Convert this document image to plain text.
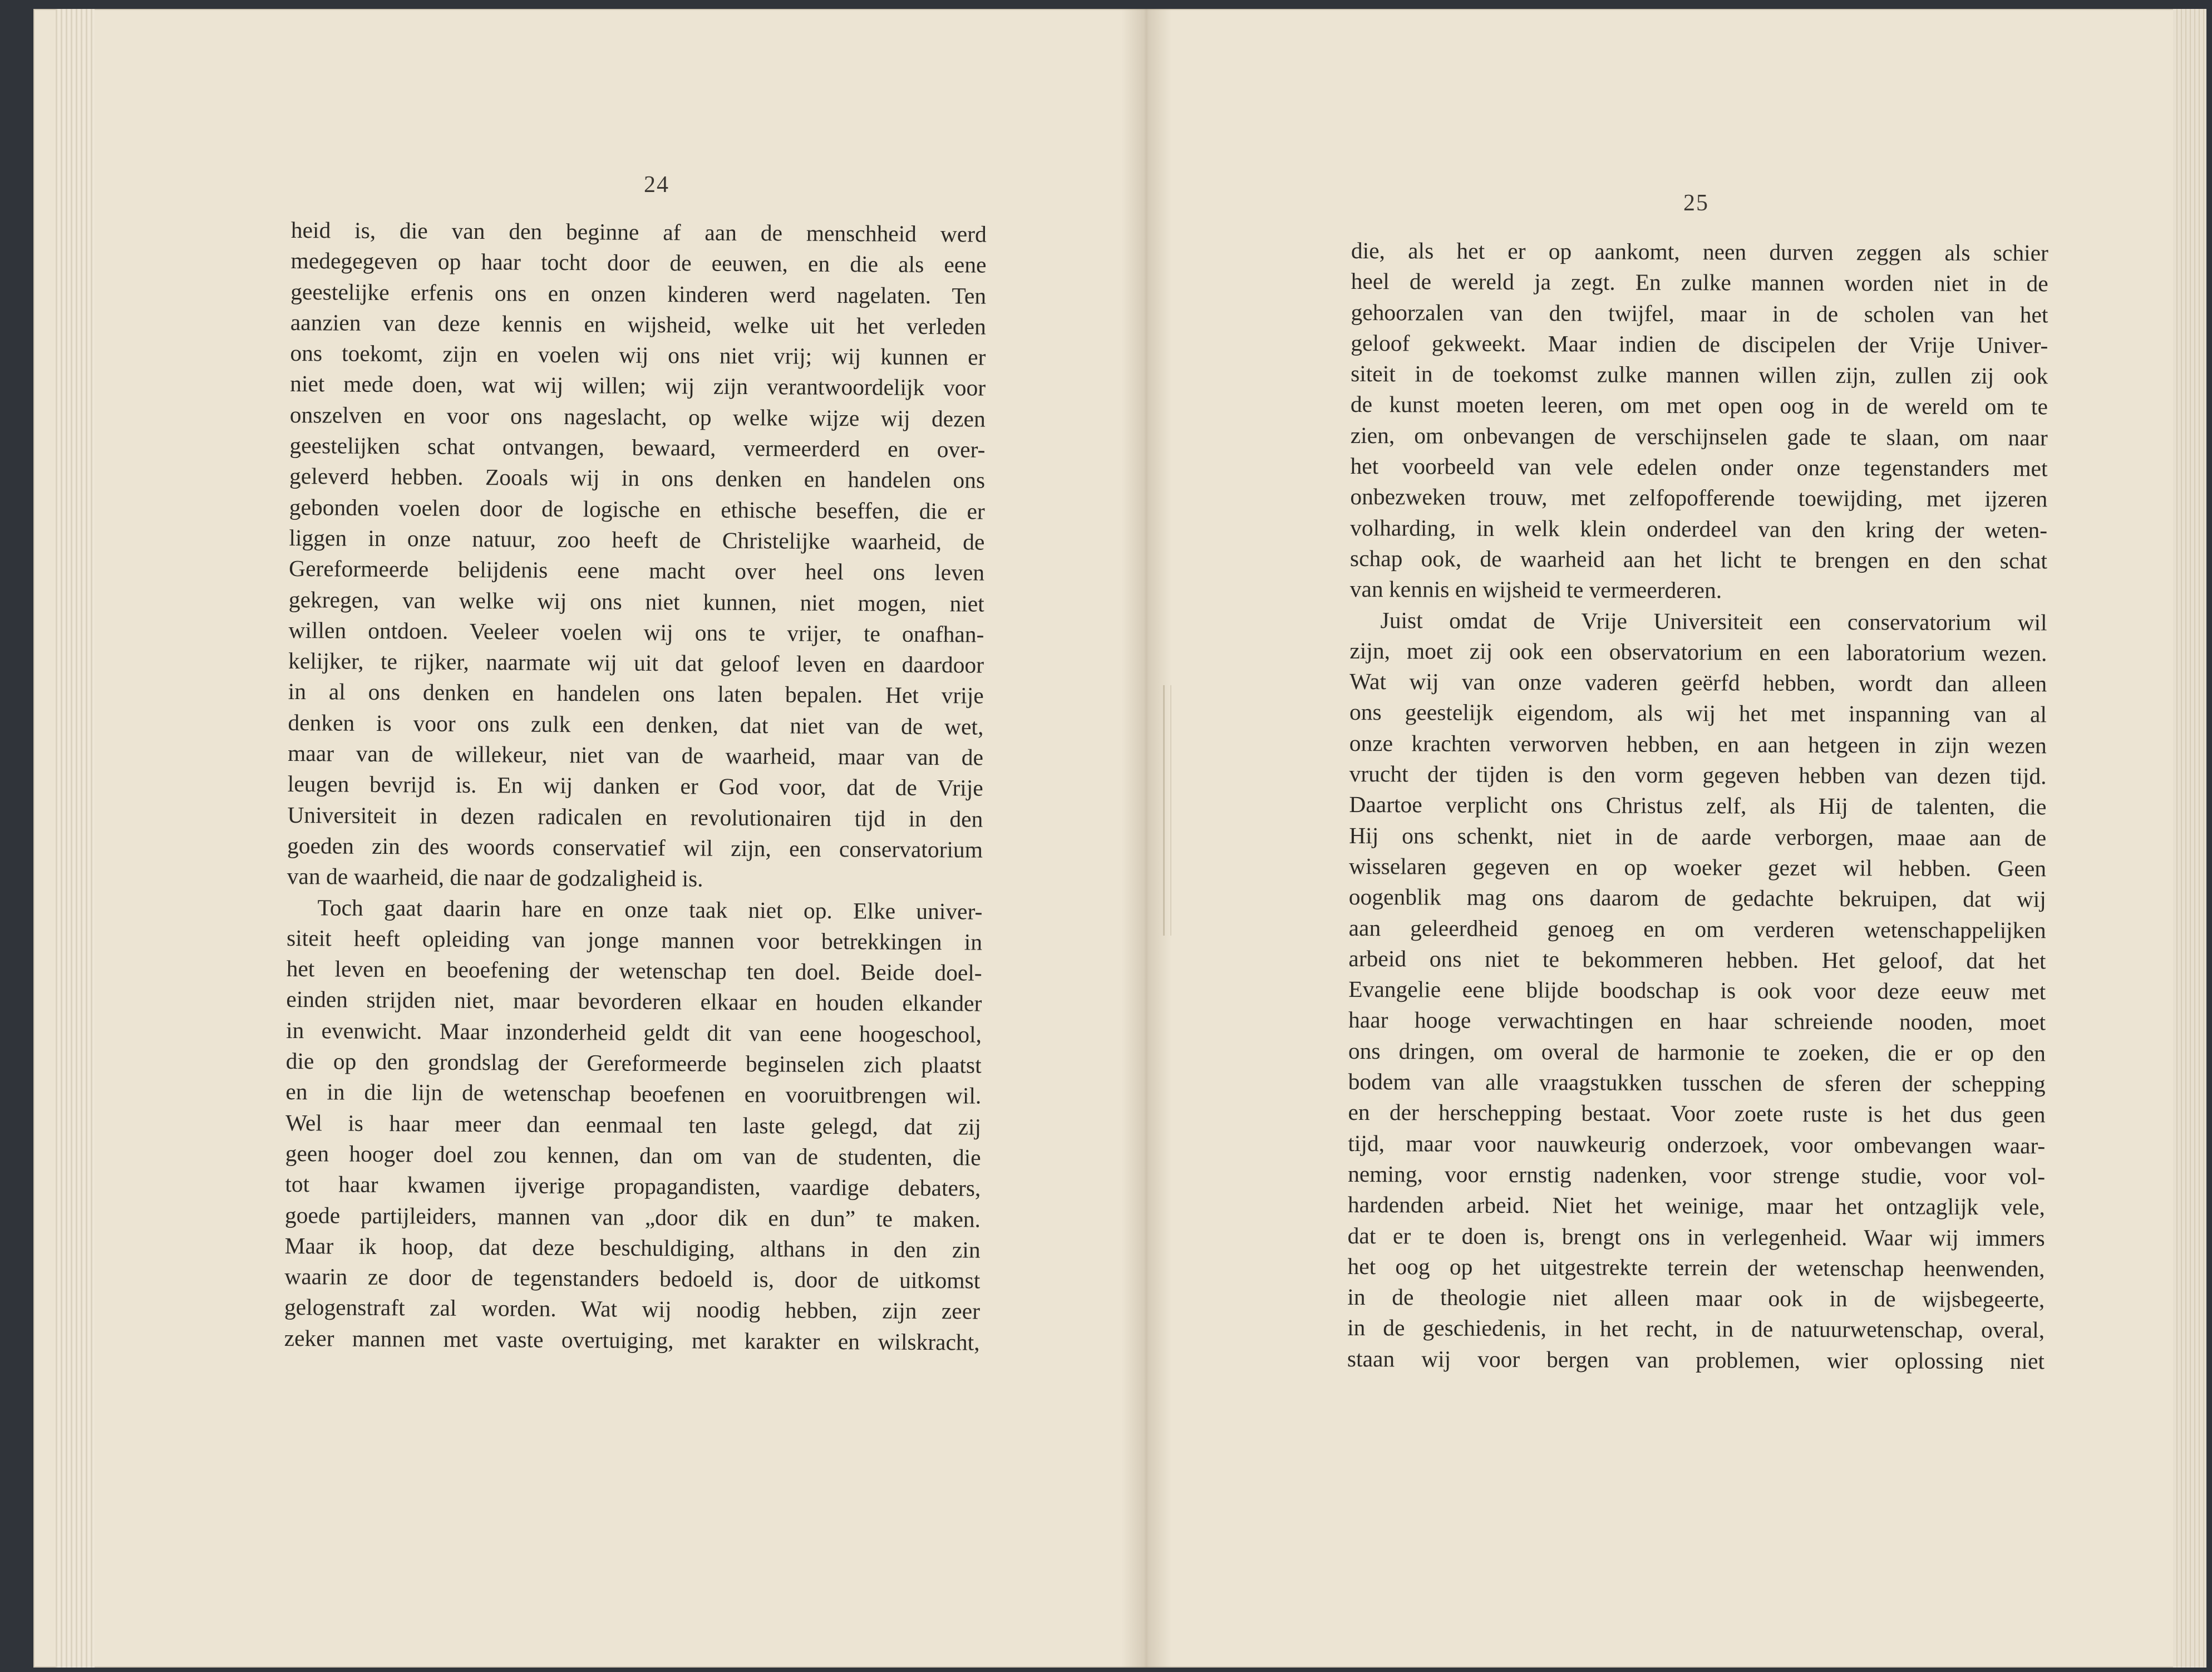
24
heid is, die van den beginne af aan de menschheid werd
medegegeven op haar tocht door de eeuwen, en die als eene
geestelijke erfenis ons en onzen kinderen werd nagelaten. Ten
aanzien van deze kennis en wijsheid, welke uit het verleden
ons toekomt, zijn en voelen wij ons niet vrij; wij kunnen er
niet mede doen, wat wij willen; wij zijn verantwoordelijk voor
onszelven en voor ons nageslacht, op welke wijze wij dezen
geestelijken schat ontvangen, bewaard, vermeerderd en over-
geleverd hebben. Zooals wij in ons denken en handelen ons
gebonden voelen door de logische en ethische beseffen, die er
liggen in onze natuur, zoo heeft de Christelijke waarheid, de
Gereformeerde belijdenis eene macht over heel ons leven
gekregen, van welke wij ons niet kunnen, niet mogen, niet
willen ontdoen. Veeleer voelen wij ons te vrijer, te onafhan-
kelijker, te rijker, naarmate wij uit dat geloof leven en daardoor
in al ons denken en handelen ons laten bepalen. Het vrije
denken is voor ons zulk een denken, dat niet van de wet,
maar van de willekeur, niet van de waarheid, maar van de
leugen bevrijd is. En wij danken er God voor, dat de Vrije
Universiteit in dezen radicalen en revolutionairen tijd in den
goeden zin des woords conservatief wil zijn, een conservatorium
van de waarheid, die naar de godzaligheid is.
Toch gaat daarin hare en onze taak niet op. Elke univer-
siteit heeft opleiding van jonge mannen voor betrekkingen in
het leven en beoefening der wetenschap ten doel. Beide doel-
einden strijden niet, maar bevorderen elkaar en houden elkander
in evenwicht. Maar inzonderheid geldt dit van eene hoogeschool,
die op den grondslag der Gereformeerde beginselen zich plaatst
en in die lijn de wetenschap beoefenen en vooruitbrengen wil.
Wel is haar meer dan eenmaal ten laste gelegd, dat zij
geen hooger doel zou kennen, dan om van de studenten, die
tot haar kwamen ijverige propagandisten, vaardige debaters,
goede partijleiders, mannen van „door dik en dun” te maken.
Maar ik hoop, dat deze beschuldiging, althans in den zin
waarin ze door de tegenstanders bedoeld is, door de uitkomst
gelogenstraft zal worden. Wat wij noodig hebben, zijn zeer
zeker mannen met vaste overtuiging, met karakter en wilskracht,
25
die, als het er op aankomt, neen durven zeggen als schier
heel de wereld ja zegt. En zulke mannen worden niet in de
gehoorzalen van den twijfel, maar in de scholen van het
geloof gekweekt. Maar indien de discipelen der Vrije Univer-
siteit in de toekomst zulke mannen willen zijn, zullen zij ook
de kunst moeten leeren, om met open oog in de wereld om te
zien, om onbevangen de verschijnselen gade te slaan, om naar
het voorbeeld van vele edelen onder onze tegenstanders met
onbezweken trouw, met zelfopofferende toewijding, met ijzeren
volharding, in welk klein onderdeel van den kring der weten-
schap ook, de waarheid aan het licht te brengen en den schat
van kennis en wijsheid te vermeerderen.
Juist omdat de Vrije Universiteit een conservatorium wil
zijn, moet zij ook een observatorium en een laboratorium wezen.
Wat wij van onze vaderen geërfd hebben, wordt dan alleen
ons geestelijk eigendom, als wij het met inspanning van al
onze krachten verworven hebben, en aan hetgeen in zijn wezen
vrucht der tijden is den vorm gegeven hebben van dezen tijd.
Daartoe verplicht ons Christus zelf, als Hij de talenten, die
Hij ons schenkt, niet in de aarde verborgen, maae aan de
wisselaren gegeven en op woeker gezet wil hebben. Geen
oogenblik mag ons daarom de gedachte bekruipen, dat wij
aan geleerdheid genoeg en om verderen wetenschappelijken
arbeid ons niet te bekommeren hebben. Het geloof, dat het
Evangelie eene blijde boodschap is ook voor deze eeuw met
haar hooge verwachtingen en haar schreiende nooden, moet
ons dringen, om overal de harmonie te zoeken, die er op den
bodem van alle vraagstukken tusschen de sferen der schepping
en der herschepping bestaat. Voor zoete ruste is het dus geen
tijd, maar voor nauwkeurig onderzoek, voor ombevangen waar-
neming, voor ernstig nadenken, voor strenge studie, voor vol-
hardenden arbeid. Niet het weinige, maar het ontzaglijk vele,
dat er te doen is, brengt ons in verlegenheid. Waar wij immers
het oog op het uitgestrekte terrein der wetenschap heenwenden,
in de theologie niet alleen maar ook in de wijsbegeerte,
in de geschiedenis, in het recht, in de natuurwetenschap, overal,
staan wij voor bergen van problemen, wier oplossing niet
